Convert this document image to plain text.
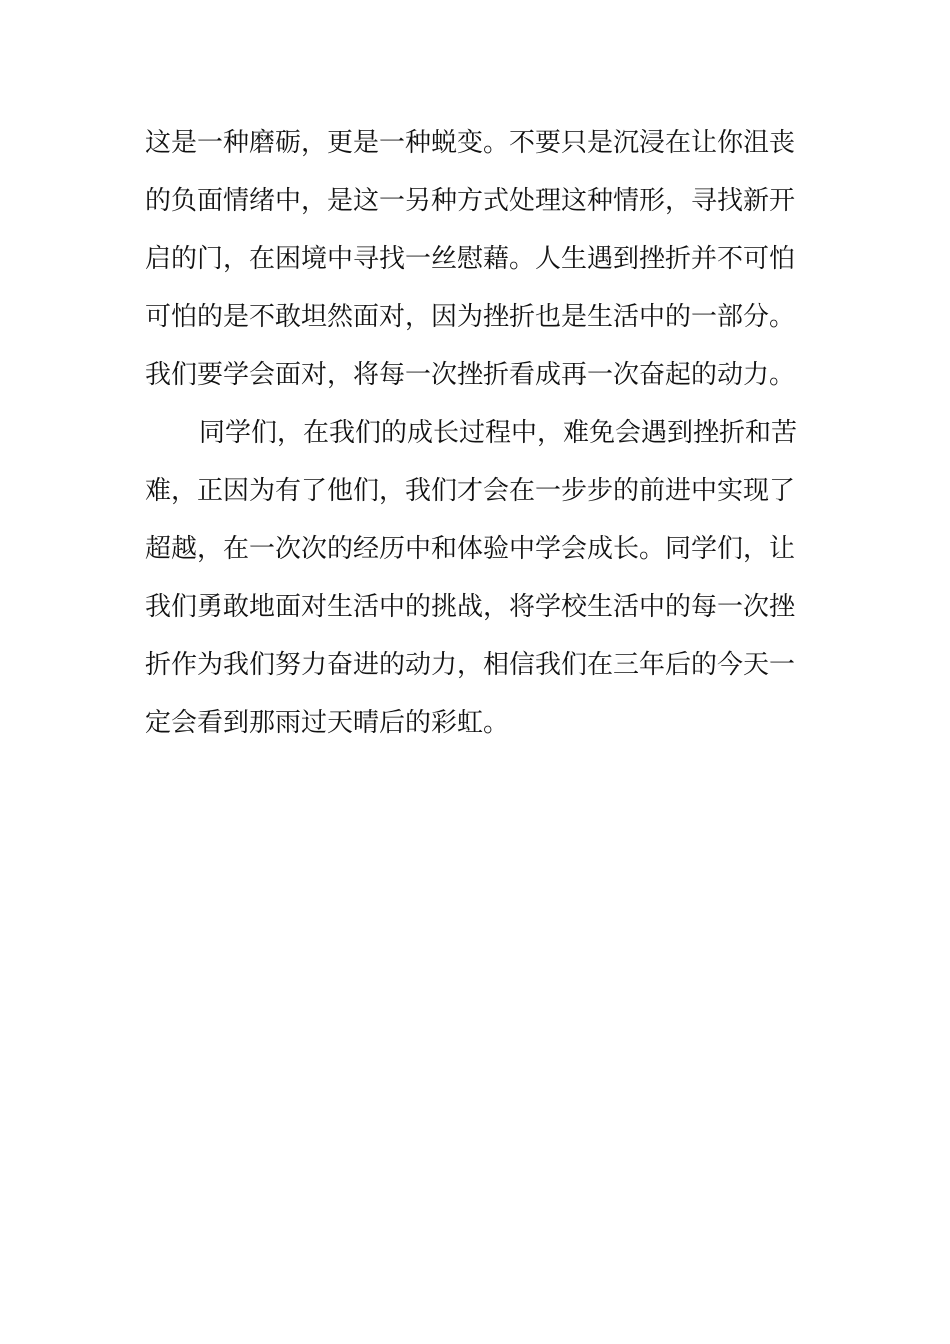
这是一种磨砺，更是一种蜕变。不要只是沉浸在让你沮丧
的负面情绪中，是这一另种方式处理这种情形，寻找新开
启的门，在困境中寻找一丝慰藉。人生遇到挫折并不可怕
可怕的是不敢坦然面对，因为挫折也是生活中的一部分。
我们要学会面对，将每一次挫折看成再一次奋起的动力。
同学们，在我们的成长过程中，难免会遇到挫折和苦
难，正因为有了他们，我们才会在一步步的前进中实现了
超越，在一次次的经历中和体验中学会成长。同学们，让
我们勇敢地面对生活中的挑战，将学校生活中的每一次挫
折作为我们努力奋进的动力，相信我们在三年后的今天一
定会看到那雨过天晴后的彩虹。
